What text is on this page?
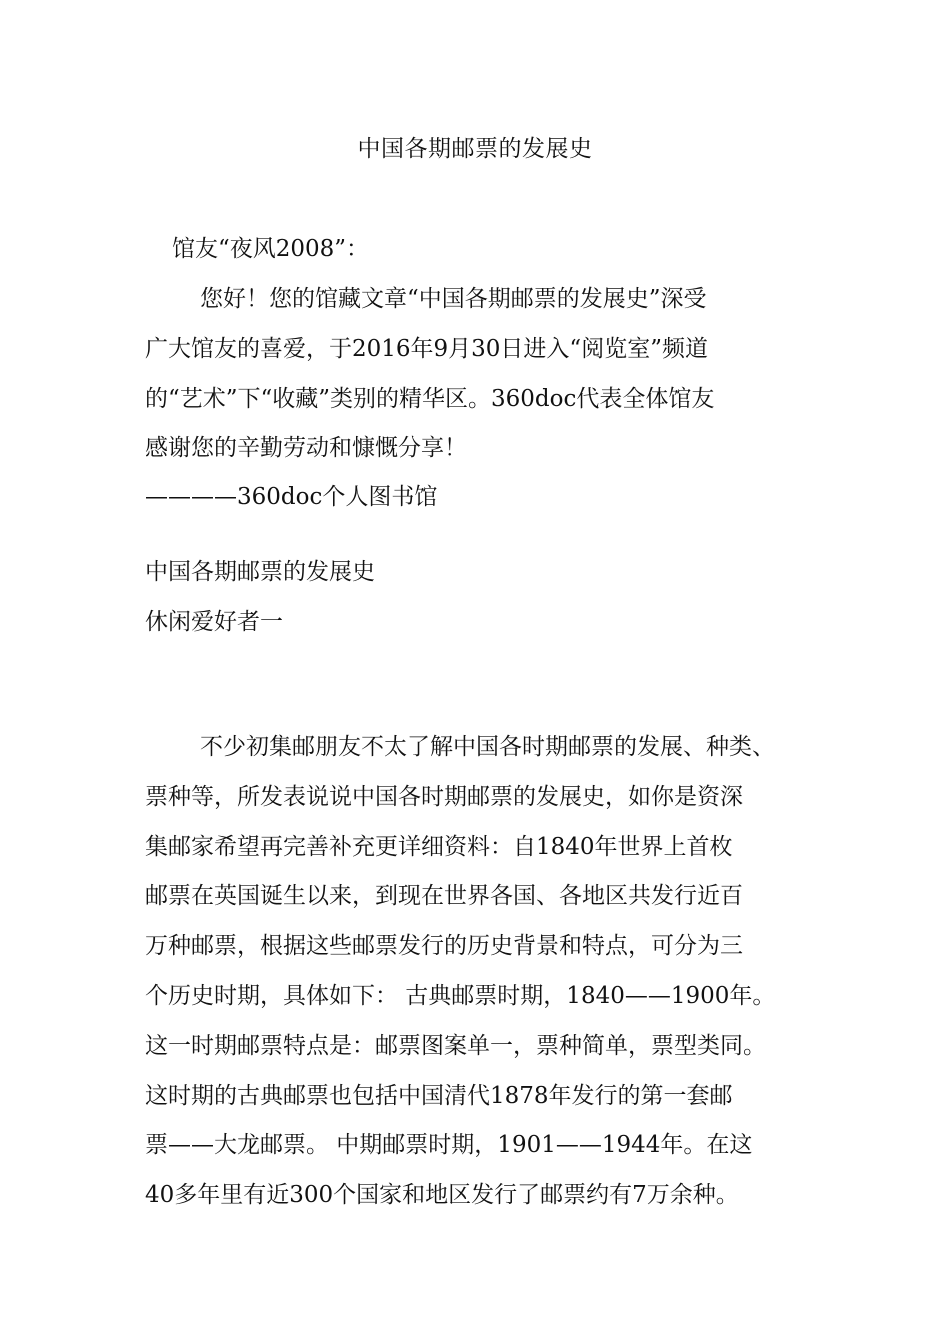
中国各期邮票的发展史
馆友“夜风2008”：
您好！您的馆藏文章“中国各期邮票的发展史”深受
广大馆友的喜爱，于2016年9月30日进入“阅览室”频道
的“艺术”下“收藏”类别的精华区。360doc代表全体馆友
感谢您的辛勤劳动和慷慨分享！
————360doc个人图书馆
中国各期邮票的发展史
休闲爱好者一
不少初集邮朋友不太了解中国各时期邮票的发展、种类、
票种等，所发表说说中国各时期邮票的发展史，如你是资深
集邮家希望再完善补充更详细资料：自1840年世界上首枚
邮票在英国诞生以来，到现在世界各国、各地区共发行近百
万种邮票，根据这些邮票发行的历史背景和特点，可分为三
个历史时期，具体如下： 古典邮票时期，1840——1900年。
这一时期邮票特点是：邮票图案单一，票种简单，票型类同。
这时期的古典邮票也包括中国清代1878年发行的第一套邮
票——大龙邮票。 中期邮票时期，1901——1944年。在这
40多年里有近300个国家和地区发行了邮票约有7万余种。
